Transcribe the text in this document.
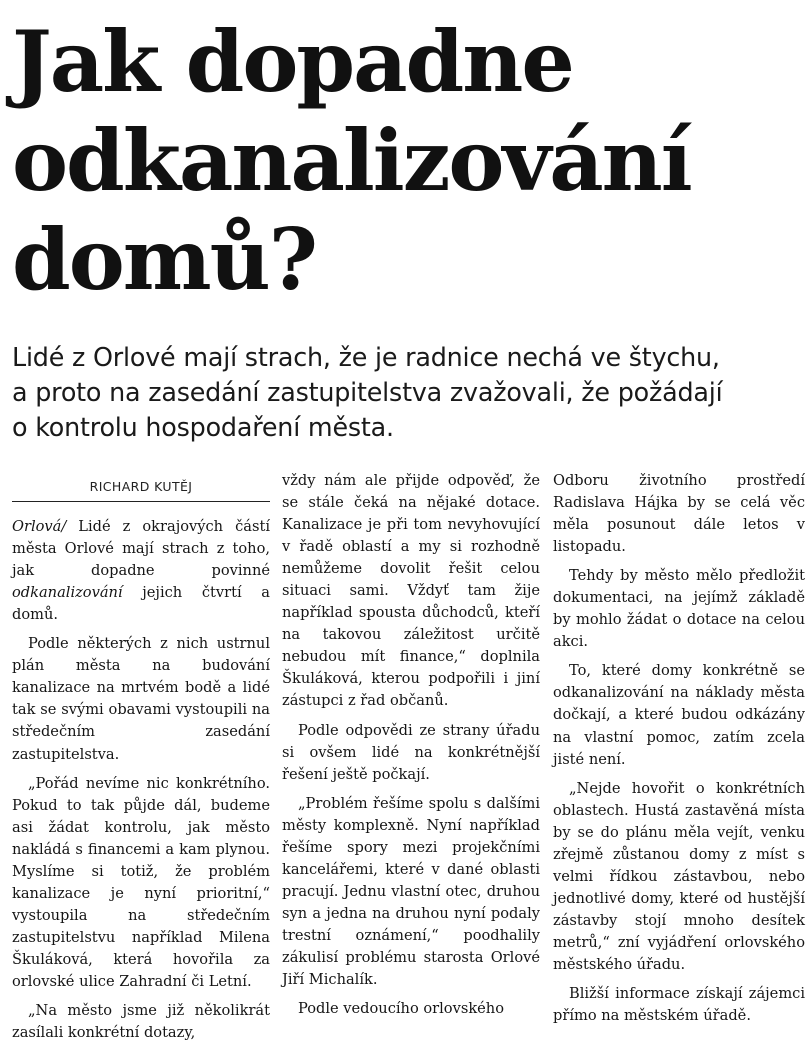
Jak dopadne
odkanalizování
domů?
Lidé z Orlové mají strach, že je radnice nechá ve štychu,
a proto na zasedání zastupitelstva zvažovali, že požádají
o kontrolu hospodaření města.
RICHARD KUTĚJ

Orlová/ Lidé z okrajových částí města Orlové mají strach z toho, jak dopadne povinné odkanalizování jejich čtvrtí a domů.

Podle některých z nich ustrnul plán města na budování kanalizace na mrtvém bodě a lidé tak se svými obavami vystoupili na středečním zasedání zastupitelstva.

„Pořád nevíme nic konkrétního. Pokud to tak půjde dál, budeme asi žádat kontrolu, jak město nakládá s financemi a kam plynou. Myslíme si totiž, že problém kanalizace je nyní prioritní,“ vystoupila na středečním zastupitelstvu například Milena Škuláková, která hovořila za orlovské ulice Zahradní či Letní.

„Na město jsme již několikrát zasílali konkrétní dotazy,

vždy nám ale přijde odpověď, že se stále čeká na nějaké dotace. Kanalizace je při tom nevyhovující v řadě oblastí a my si rozhodně nemůžeme dovolit řešit celou situaci sami. Vždyť tam žije například spousta důchodců, kteří na takovou záležitost určitě nebudou mít finance,“ doplnila Škuláková, kterou podpořili i jiní zástupci z řad občanů.

Podle odpovědi ze strany úřadu si ovšem lidé na konkrétnější řešení ještě počkají.

„Problém řešíme spolu s dalšími městy komplexně. Nyní například řešíme spory mezi projekčními kancelářemi, které v dané oblasti pracují. Jednu vlastní otec, druhou syn a jedna na druhou nyní podaly trestní oznámení,“ poodhalily zákulisí problému starosta Orlové Jiří Michalík.

Podle vedoucího orlovského

Odboru životního prostředí Radislava Hájka by se celá věc měla posunout dále letos v listopadu.

Tehdy by město mělo předložit dokumentaci, na jejímž základě by mohlo žádat o dotace na celou akci.

To, které domy konkrétně se odkanalizování na náklady města dočkají, a které budou odkázány na vlastní pomoc, zatím zcela jisté není.

„Nejde hovořit o konkrétních oblastech. Hustá zastavěná místa by se do plánu měla vejít, venku zřejmě zůstanou domy z míst s velmi řídkou zástavbou, nebo jednotlivé domy, které od hustější zástavby stojí mnoho desítek metrů,“ zní vyjádření orlovského městského úřadu.

Bližší informace získají zájemci přímo na městském úřadě.
